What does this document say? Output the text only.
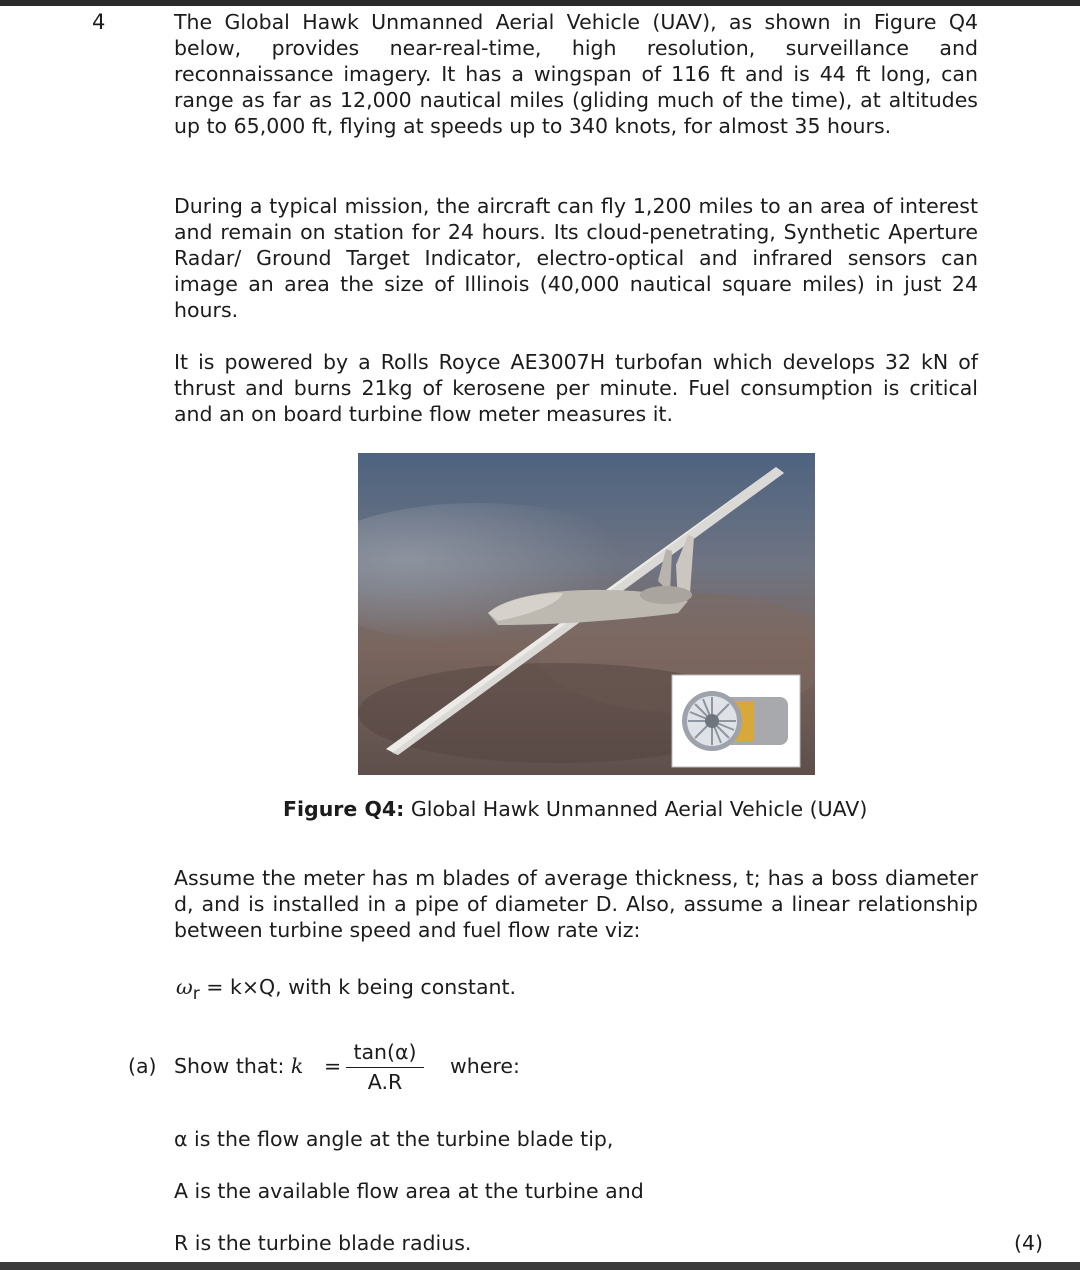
4	The Global Hawk Unmanned Aerial Vehicle (UAV), as shown in Figure Q4 below, provides near-real-time, high resolution, surveillance and reconnaissance imagery. It has a wingspan of 116 ft and is 44 ft long, can range as far as 12,000 nautical miles (gliding much of the time), at altitudes up to 65,000 ft, flying at speeds up to 340 knots, for almost 35 hours.

During a typical mission, the aircraft can fly 1,200 miles to an area of interest and remain on station for 24 hours. Its cloud-penetrating, Synthetic Aperture Radar/ Ground Target Indicator, electro-optical and infrared sensors can image an area the size of Illinois (40,000 nautical square miles) in just 24 hours.

It is powered by a Rolls Royce AE3007H turbofan which develops 32 kN of thrust and burns 21kg of kerosene per minute. Fuel consumption is critical and an on board turbine flow meter measures it.

Figure Q4: Global Hawk Unmanned Aerial Vehicle (UAV)

Assume the meter has m blades of average thickness, t; has a boss diameter d, and is installed in a pipe of diameter D. Also, assume a linear relationship between turbine speed and fuel flow rate viz:

$\omega_r = k\times Q$, with k being constant.
(a) Show that: $k = \frac{\tan(\alpha)}{A.R}$ where:
α is the flow angle at the turbine blade tip,
A is the available flow area at the turbine and
R is the turbine blade radius.	(4)
